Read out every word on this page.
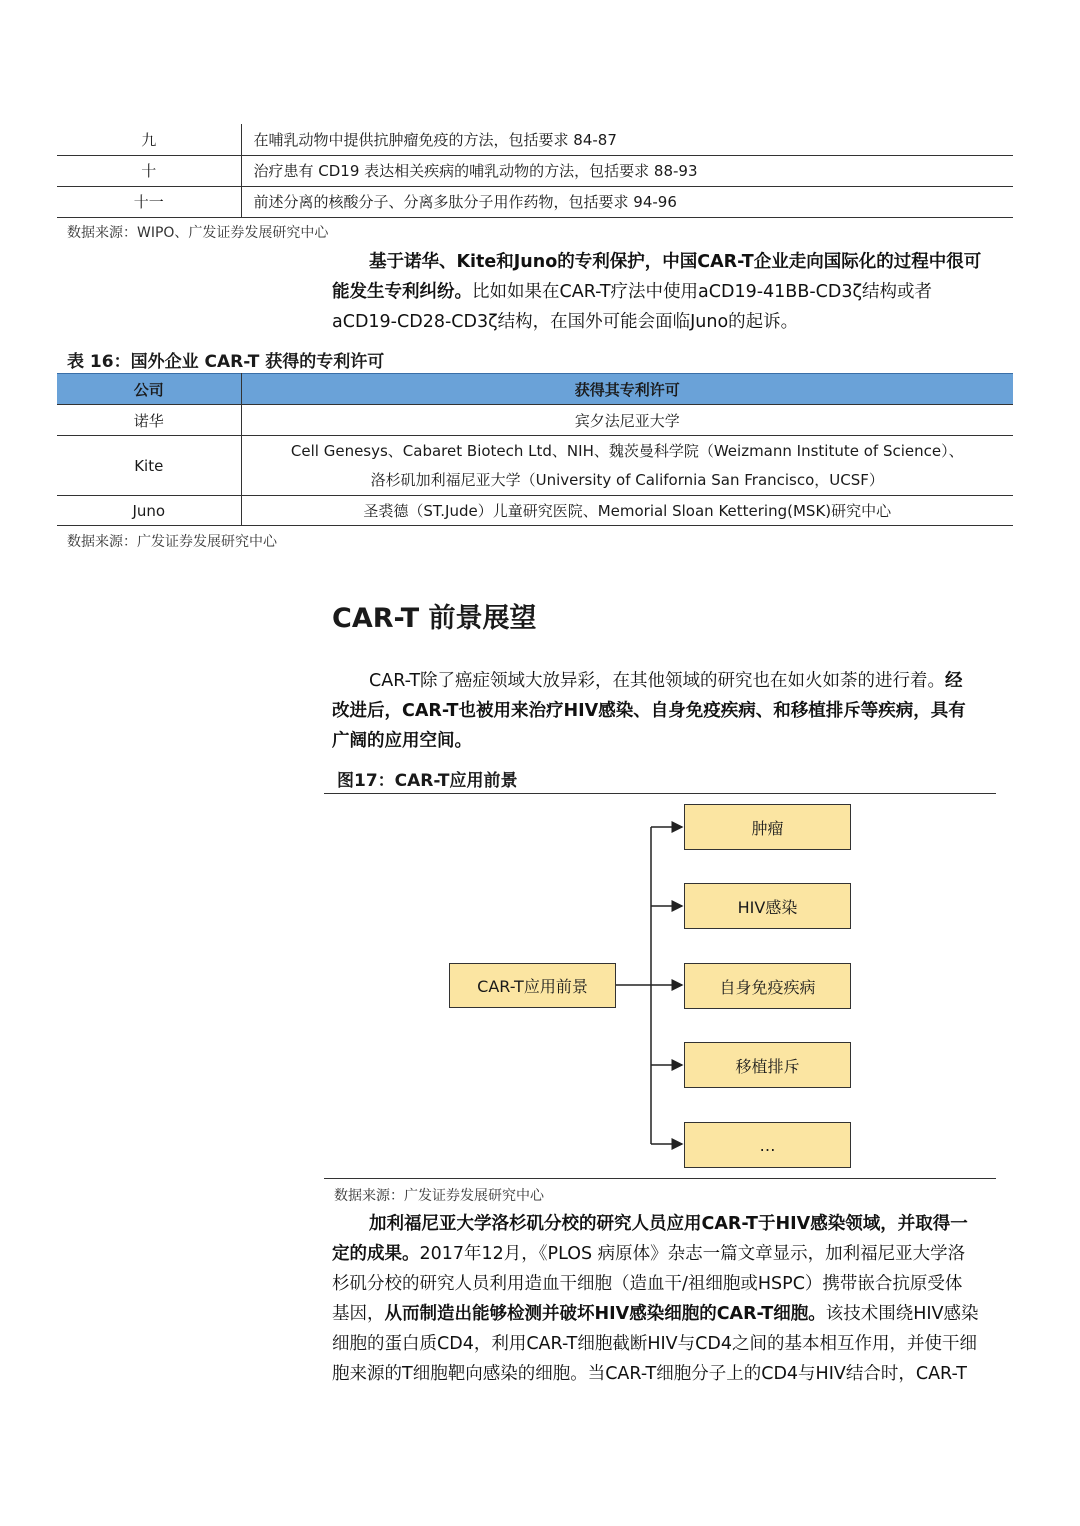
九	在哺乳动物中提供抗肿瘤免疫的方法，包括要求 84-87
十	治疗患有 CD19 表达相关疾病的哺乳动物的方法，包括要求 88-93
十一	前述分离的核酸分子、分离多肽分子用作药物，包括要求 94-96
数据来源：WIPO、广发证券发展研究中心
基于诺华、Kite和Juno的专利保护，中国CAR-T企业走向国际化的过程中很可
能发生专利纠纷。比如如果在CAR-T疗法中使用aCD19-41BB-CD3ζ结构或者
aCD19-CD28-CD3ζ结构，在国外可能会面临Juno的起诉。
表 16：国外企业 CAR-T 获得的专利许可
公司	获得其专利许可
诺华	宾夕法尼亚大学
Kite	Cell Genesys、Cabaret Biotech Ltd、NIH、魏茨曼科学院（Weizmann Institute of Science）、
洛杉矶加利福尼亚大学（University of California San Francisco，UCSF）

Juno	圣裘德（ST.Jude）儿童研究医院、Memorial Sloan Kettering(MSK)研究中心
数据来源：广发证券发展研究中心
CAR-T 前景展望
CAR-T除了癌症领域大放异彩，在其他领域的研究也在如火如荼的进行着。经
改进后，CAR-T也被用来治疗HIV感染、自身免疫疾病、和移植排斥等疾病，具有
广阔的应用空间。
图17：CAR-T应用前景
CAR-T应用前景
肿瘤
HIV感染
自身免疫疾病
移植排斥
…
数据来源：广发证券发展研究中心
加利福尼亚大学洛杉矶分校的研究人员应用CAR-T于HIV感染领域，并取得一
定的成果。2017年12月，《PLOS 病原体》杂志一篇文章显示，加利福尼亚大学洛
杉矶分校的研究人员利用造血干细胞（造血干/祖细胞或HSPC）携带嵌合抗原受体
基因，从而制造出能够检测并破坏HIV感染细胞的CAR-T细胞。该技术围绕HIV感染
细胞的蛋白质CD4，利用CAR-T细胞截断HIV与CD4之间的基本相互作用，并使干细
胞来源的T细胞靶向感染的细胞。当CAR-T细胞分子上的CD4与HIV结合时，CAR-T
